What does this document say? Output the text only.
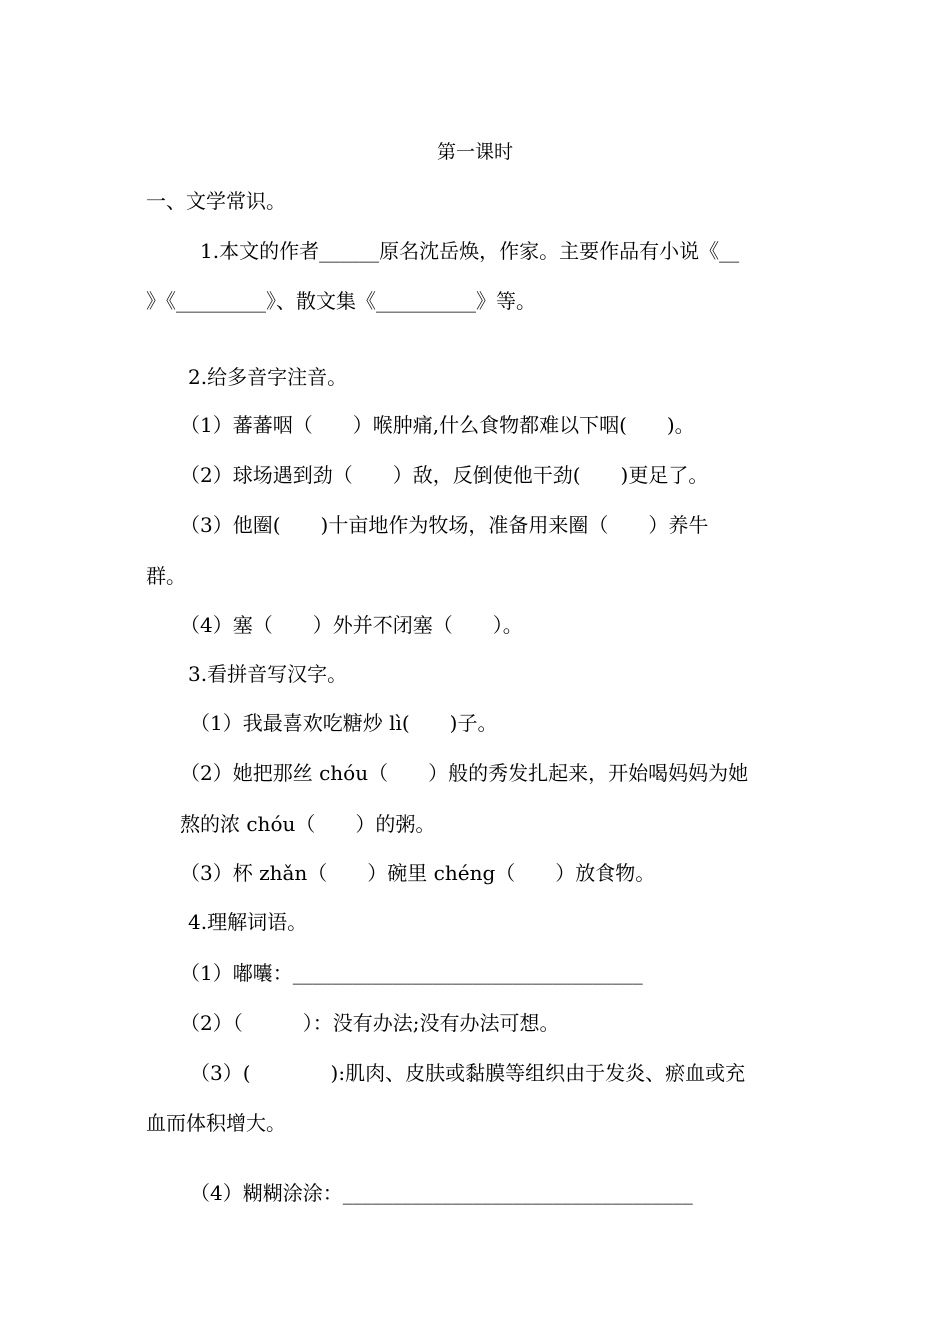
第一课时
一、文学常识。
1.本文的作者______原名沈岳焕，作家。主要作品有小说《__
》《_________》、散文集《__________》等。
2.给多音字注音。
（1）蕃蕃咽（　　）喉肿痛,什么食物都难以下咽(　　)。
（2）球场遇到劲（　　）敌，反倒使他干劲(　　)更足了。
（3）他圈(　　)十亩地作为牧场，准备用来圈（　　）养牛
群。
（4）塞（　　）外并不闭塞（　　）。
3.看拼音写汉字。
（1）我最喜欢吃糖炒 lì(　　)子。
（2）她把那丝 chóu（　　）般的秀发扎起来，开始喝妈妈为她
熬的浓 chóu（　　）的粥。
（3）杯 zhǎn（　　）碗里 chéng（　　）放食物。
4.理解词语。
（1）嘟囔：___________________________________
（2）（　　　）：没有办法;没有办法可想。
（3）(　　　　):肌肉、皮肤或黏膜等组织由于发炎、瘀血或充
血而体积增大。
（4）糊糊涂涂：___________________________________
